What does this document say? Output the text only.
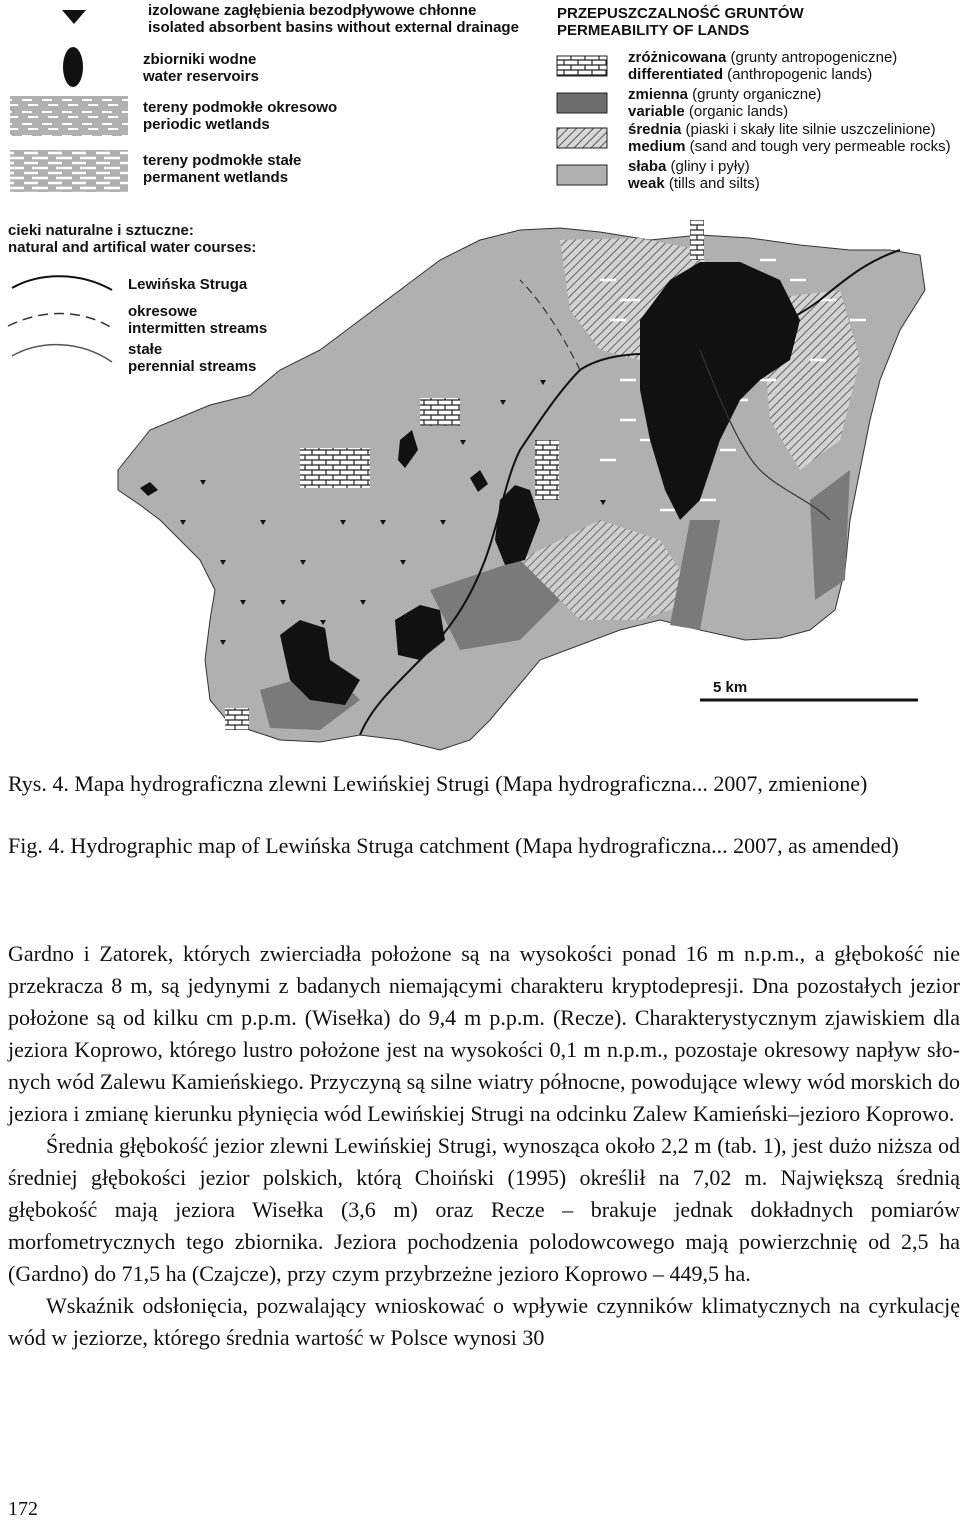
izolowane zagłębienia bezodpływowe chłonne
isolated absorbent basins without external drainage
zbiorniki wodne
water reservoirs
tereny podmokłe okresowo
periodic wetlands
tereny podmokłe stałe
permanent wetlands
cieki naturalne i sztuczne:
natural and artifical water courses:
Lewińska Struga
okresowe
intermitten streams
stałe
perennial streams
PRZEPUSZCZALNOŚĆ GRUNTÓW
PERMEABILITY OF LANDS
zróżnicowana (grunty antropogeniczne)
differentiated (anthropogenic lands)
zmienna (grunty organiczne)
variable (organic lands)
średnia (piaski i skały lite silnie uszczelinione)
medium (sand and tough very permeable rocks)
słaba (gliny i pyły)
weak (tills and silts)
5 km
Rys. 4. Mapa hydrograficzna zlewni Lewińskiej Strugi (Mapa hydrograficzna... 2007, zmienione)
Fig. 4. Hydrographic map of Lewińska Struga catchment (Mapa hydrograficzna... 2007, as amended)

Gardno i Zatorek, których zwierciadła położone są na wysokości ponad 16 m n.p.m., a głębokość nie przekracza 8 m, są jedynymi z badanych niemającymi charakteru kryptodepresji. Dna pozostałych jezior położone są od kilku cm p.p.m. (Wisełka) do 9,4 m p.p.m. (Recze). Charakterystycznym zjawiskiem dla jeziora Koprowo, którego lustro położone jest na wysokości 0,1 m n.p.m., pozostaje okresowy napływ słonych wód Zalewu Kamieńskiego. Przyczyną są silne wiatry północne, powodujące wlewy wód morskich do jeziora i zmianę kierunku płynięcia wód Lewińskiej Strugi na odcinku Zalew Kamieński–jezioro Koprowo.

Średnia głębokość jezior zlewni Lewińskiej Strugi, wynosząca około 2,2 m (tab. 1), jest dużo niższa od średniej głębokości jezior polskich, którą Choiński (1995) określił na 7,02 m. Największą średnią głębokość mają jeziora Wisełka (3,6 m) oraz Recze – brakuje jednak dokładnych pomiarów morfometrycznych tego zbiornika. Jeziora pochodzenia polodowcowego mają powierzchnię od 2,5 ha (Gardno) do 71,5 ha (Czajcze), przy czym przybrzeżne jezioro Koprowo – 449,5 ha.

Wskaźnik odsłonięcia, pozwalający wnioskować o wpływie czynników klimatycznych na cyrkulację wód w jeziorze, którego średnia wartość w Polsce wynosi 30

172
